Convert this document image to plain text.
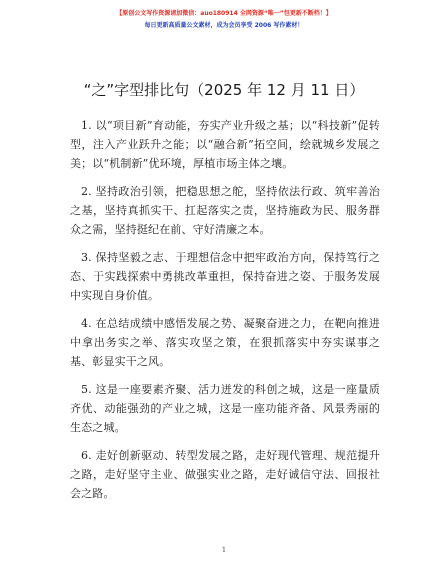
【原创公文写作资源请加微信：auo180914 全网资源“唯一”包更新不断档！】
每日更新高质量公文素材，成为会员享受 2006 写作素材！
“之”字型排比句（2025 年 12 月 11 日）

1. 以“项目新”育动能，夯实产业升级之基；以“科技新”促转型，注入产业跃升之能；以“融合新”拓空间，绘就城乡发展之美；以“机制新”优环境，厚植市场主体之壤。

2. 坚持政治引领，把稳思想之舵，坚持依法行政、筑牢善治之基，坚持真抓实干、扛起落实之责，坚持施政为民、服务群众之需，坚持挺纪在前、守好清廉之本。

3. 保持坚毅之志、于理想信念中把牢政治方向，保持笃行之态、于实践探索中勇挑改革重担，保持奋进之姿、于服务发展中实现自身价值。

4. 在总结成绩中感悟发展之势、凝聚奋进之力，在靶向推进中拿出务实之举、落实攻坚之策，在狠抓落实中夯实谋事之基、彰显实干之风。

5. 这是一座要素齐聚、活力迸发的科创之城，这是一座量质齐优、动能强劲的产业之城，这是一座功能齐备、风景秀丽的生态之城。

6. 走好创新驱动、转型发展之路，走好现代管理、规范提升之路，走好坚守主业、做强实业之路，走好诚信守法、回报社会之路。

1
